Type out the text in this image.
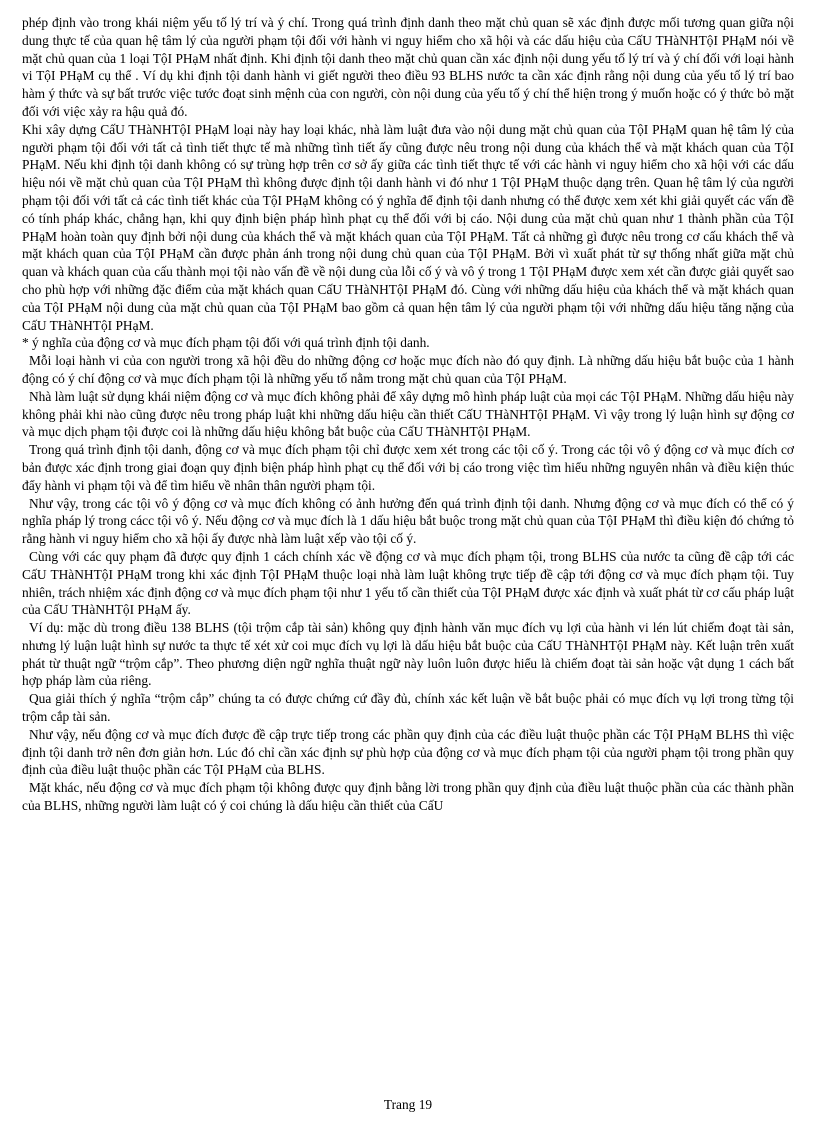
phép định vào trong khái niệm yếu tố lý trí và ý chí. Trong quá trình định danh theo mặt chủ quan sẽ xác định được mối tương quan giữa nội dung thực tế của quan hệ tâm lý của người phạm tội đối với hành vi nguy hiểm cho xã hội và các dấu hiệu của CấU THàNHTộI PHạM nói về mặt chủ quan của 1 loại TộI PHạM nhất định. Khi định tội danh theo mặt chủ quan cần xác định nội dung yếu tố lý trí và ý chí đối với loại hành vi TộI PHạM cụ thể . Ví dụ khi định tội danh hành vi giết người theo điều 93 BLHS nước ta cần xác định rằng nội dung của yếu tố lý trí bao hàm ý thức và sự bất trước việc tước đoạt sinh mệnh của con người, còn nội dung của yếu tố ý chí thể hiện trong ý muốn hoặc có ý thức bỏ mặt đối với việc xảy ra hậu quả đó.

Khi xây dựng CấU THàNHTộI PHạM loại này hay loại khác, nhà làm luật đưa vào nội dung mặt chủ quan của TộI PHạM quan hệ tâm lý của người phạm tội đối với tất cả tình tiết thực tế mà những tình tiết ấy cũng được nêu trong nội dung của khách thể và mặt khách quan của TộI PHạM. Nếu khi định tội danh không có sự trùng hợp trên cơ sở ấy giữa các tình tiết thực tế với các hành vi nguy hiểm cho xã hội với các dấu hiệu nói về mặt chủ quan của TộI PHạM thì không được định tội danh hành vi đó như 1 TộI PHạM thuộc dạng trên. Quan hệ tâm lý của người phạm tội đối với tất cả các tình tiết khác của TộI PHạM không có ý nghĩa để định tội danh nhưng có thể được xem xét khi giải quyết các vấn đề có tính pháp khác, chẳng hạn, khi quy định biện pháp hình phạt cụ thể đối với bị cáo. Nội dung của mặt chủ quan như 1 thành phần của TộI PHạM hoàn toàn quy định bởi nội dung của khách thể và mặt khách quan của TộI PHạM. Tất cả những gì được nêu trong cơ cấu khách thể và mặt khách quan của TộI PHạM cần được phản ánh trong nội dung chủ quan của TộI PHạM. Bởi vì xuất phát từ sự thống nhất giữa mặt chủ quan và khách quan của cấu thành mọi tội nào vấn đề về nội dung của lỗi cố ý và vô ý trong 1 TộI PHạM được xem xét cần được giải quyết sao cho phù hợp với những đặc điểm của mặt khách quan CấU THàNHTộI PHạM đó. Cùng với những dấu hiệu của khách thể và mặt khách quan của TộI PHạM nội dung của mặt chủ quan của TộI PHạM bao gồm cả quan hện tâm lý của người phạm tội với những dấu hiệu tăng nặng của CấU THàNHTộI PHạM.

* ý nghĩa của động cơ và mục đích phạm tội đối với quá trình định tội danh.

Mỗi loại hành vi của con người trong xã hội đều do những động cơ hoặc mục đích nào đó quy định. Là những dấu hiệu bắt buộc của 1 hành động có ý chí động cơ và mục đích phạm tội là những yếu tố nằm trong mặt chủ quan của TộI PHạM.

Nhà làm luật sử dụng khái niệm động cơ và mục đích không phải để xây dựng mô hình pháp luật của mọi các TộI PHạM. Những dấu hiệu này không phải khi nào cũng được nêu trong pháp luật khi những dấu hiệu cần thiết CấU THàNHTộI PHạM. Vì vậy trong lý luận hình sự động cơ và mục dịch phạm tội được coi là những dấu hiệu không bắt buộc của CấU THàNHTộI PHạM.

Trong quá trình định tội danh, động cơ và mục đích phạm tội chỉ được xem xét trong các tội cố ý. Trong các tội vô ý động cơ và mục đích cơ bản được xác định trong giai đoạn quy định biện pháp hình phạt cụ thể đối với bị cáo trong việc tìm hiểu những nguyên nhân và điều kiện thúc đẩy hành vi phạm tội và để tìm hiểu về nhân thân người phạm tội.

Như vậy, trong các tội vô ý động cơ và mục đích không có ảnh hưởng đến quá trình định tội danh. Nhưng động cơ và mục đích có thể có ý nghĩa pháp lý trong cácc tội vô ý. Nếu động cơ và mục đích là 1 dấu hiệu bắt buộc trong mặt chủ quan của TộI PHạM thì điều kiện đó chứng tỏ rằng hành vi nguy hiểm cho xã hội ấy được nhà làm luật xếp vào tội cố ý.

Cùng với các quy phạm đã được quy định 1 cách chính xác về động cơ và mục đích phạm tội, trong BLHS của nước ta cũng đề cập tới các CấU THàNHTộI PHạM trong khi xác định TộI PHạM thuộc loại nhà làm luật không trực tiếp đề cập tới động cơ và mục đích phạm tội. Tuy nhiên, trách nhiệm xác định động cơ và mục đích phạm tội như 1 yếu tố cần thiết của TộI PHạM được xác định và xuất phát từ cơ cấu pháp luật của CấU THàNHTộI PHạM ấy.

Ví dụ: mặc dù trong điều 138 BLHS (tội trộm cắp tài sản) không quy định hành văn mục đích vụ lợi của hành vi lén lút chiếm đoạt tài sản, nhưng lý luận luật hình sự nước ta thực tế xét xử coi mục đích vụ lợi là dấu hiệu bắt buộc của CấU THàNHTộI PHạM này. Kết luận trên xuất phát từ thuật ngữ “trộm cắp”. Theo phương diện ngữ nghĩa thuật ngữ này luôn luôn được hiểu là chiếm đoạt tài sản hoặc vật dụng 1 cách bất hợp pháp làm của riêng.

Qua giải thích ý nghĩa “trộm cắp” chúng ta có được chứng cứ đầy đủ, chính xác kết luận về bắt buộc phải có mục đích vụ lợi trong từng tội trộm cắp tài sản.

Như vậy, nếu động cơ và mục đích được đề cập trực tiếp trong các phần quy định của các điều luật thuộc phần các TộI PHạM BLHS thì việc định tội danh trở nên đơn giản hơn. Lúc đó chỉ cần xác định sự phù hợp của động cơ và mục đích phạm tội của người phạm tội trong phần quy định của điều luật thuộc phần các TộI PHạM của BLHS.

Mặt khác, nếu động cơ và mục đích phạm tội không được quy định bằng lời trong phần quy định của điều luật thuộc phần của các thành phần của BLHS, những người làm luật có ý coi chúng là dấu hiệu cần thiết của CấU

Trang 19
